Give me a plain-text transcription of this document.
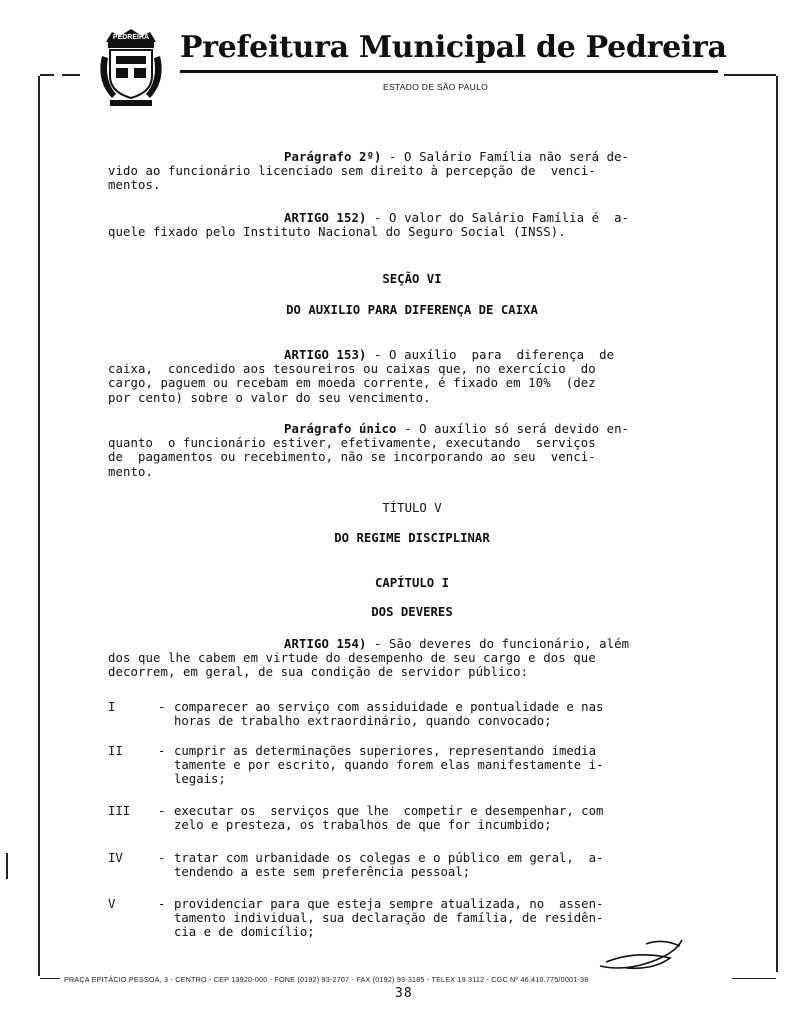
PEDREIRA Prefeitura Municipal de Pedreira
ESTADO DE SÃO PAULO
Parágrafo 2º) - O Salário Família não será de-
vido ao funcionário licenciado sem direito à percepção de  venci-
mentos.
ARTIGO 152) - O valor do Salário Família é  a-
quele fixado pelo Instituto Nacional do Seguro Social (INSS).
SEÇÃO VI
DO AUXILIO PARA DIFERENÇA DE CAIXA
ARTIGO 153) - O auxílio  para  diferença  de
caixa,  concedido aos tesoureiros ou caixas que, no exercício  do
cargo, paguem ou recebam em moeda corrente, é fixado em 10%  (dez
por cento) sobre o valor do seu vencimento.
Parágrafo único - O auxílio só será devido en-
quanto  o funcionário estiver, efetivamente, executando  serviços
de  pagamentos ou recebimento, não se incorporando ao seu  venci-
mento.
TÍTULO V
DO REGIME DISCIPLINAR
CAPÍTULO I
DOS DEVERES
ARTIGO 154) - São deveres do funcionário, além
dos que lhe cabem em virtude do desempenho de seu cargo e dos que
decorrem, em geral, de sua condição de servidor público:
I	- comparecer ao serviço com assiduidade e pontualidade e nas
horas de trabalho extraordinário, quando convocado;
II	- cumprir as determinações superiores, representando imedia
tamente e por escrito, quando forem elas manifestamente i-
legais;
III - executar os  serviços que lhe  competir e desempenhar, com
zelo e presteza, os trabalhos de que for incumbido;
IV	- tratar com urbanidade os colegas e o público em geral,  a-
tendendo a este sem preferência pessoal;
V	- providenciar para que esteja sempre atualizada, no  assen-
tamento individual, sua declaração de família, de residên-
cia e de domicílio;
PRAÇA EPITÁCIO PESSOA, 3 - CENTRO - CEP 13920-000 - FONE (0192) 93-2707 - FAX (0192) 93-3185 - TELEX 19 3112 - CGC Nº 46.410.775/0001-38
38
